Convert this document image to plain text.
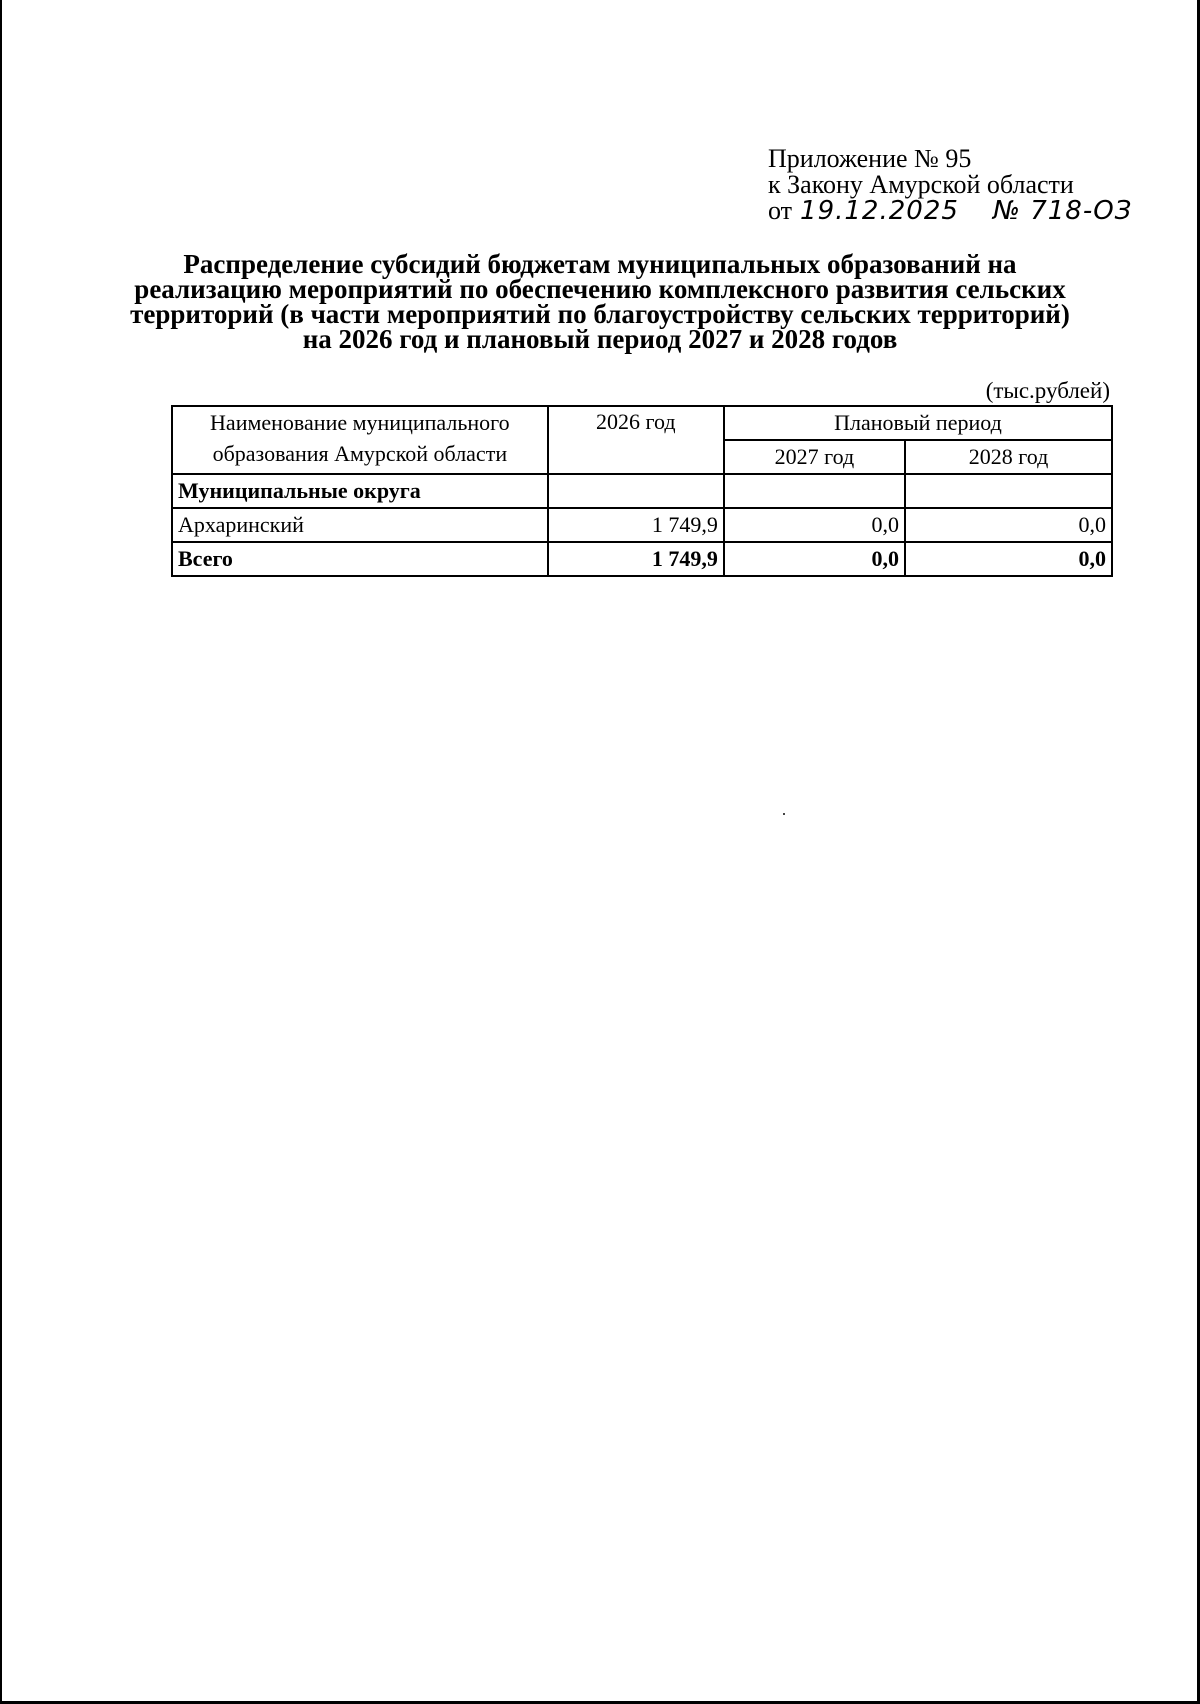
Приложение № 95
к Закону Амурской области
от 19.12.2025 № 718-ОЗ
Распределение субсидий бюджетам муниципальных образований на реализацию мероприятий по обеспечению комплексного развития сельских территорий (в части мероприятий по благоустройству сельских территорий) на 2026 год и плановый период 2027 и 2028 годов
(тыс.рублей)
Наименование муниципального образования Амурской области	2026 год	Плановый период	
		2027 год	2028 год
Муниципальные округа			
Архаринский	1 749,9	0,0	0,0
Всего	1 749,9	0,0	0,0
